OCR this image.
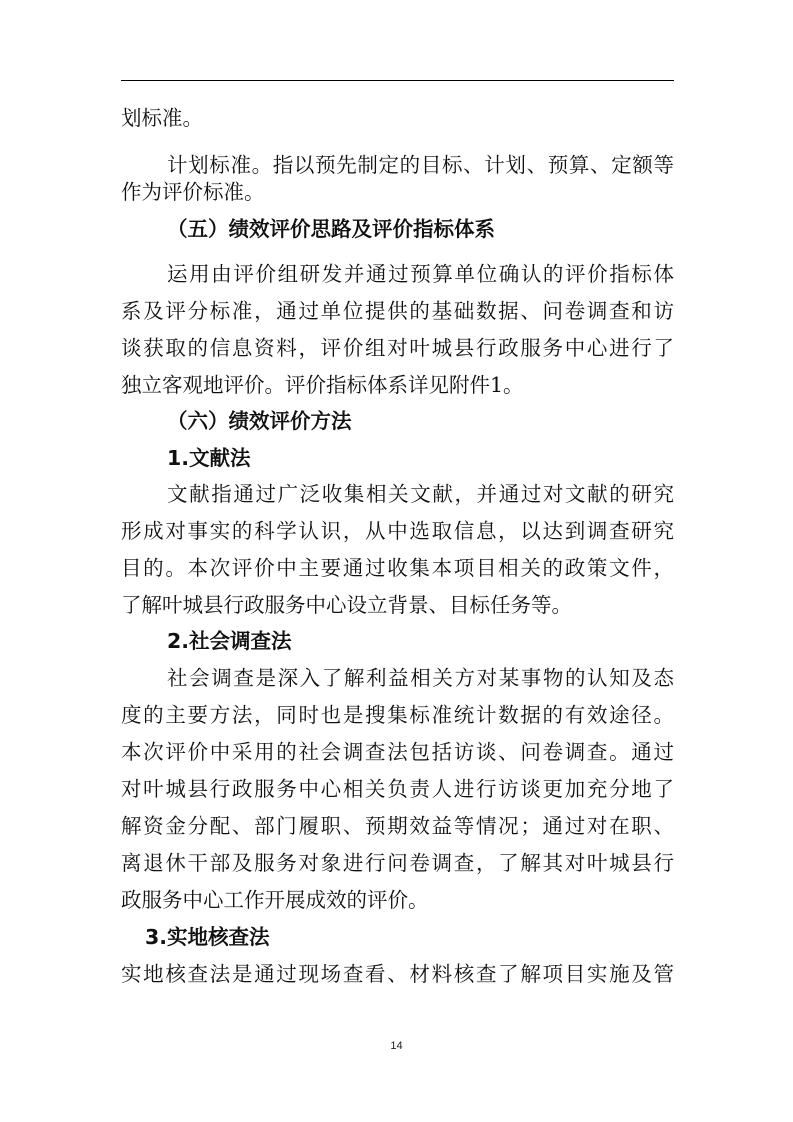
划标准。
计划标准。指以预先制定的目标、计划、预算、定额等
作为评价标准。
（五）绩效评价思路及评价指标体系
运用由评价组研发并通过预算单位确认的评价指标体
系及评分标准，通过单位提供的基础数据、问卷调查和访
谈获取的信息资料，评价组对叶城县行政服务中心进行了
独立客观地评价。评价指标体系详见附件1。
（六）绩效评价方法
1.文献法
文献指通过广泛收集相关文献，并通过对文献的研究
形成对事实的科学认识，从中选取信息，以达到调查研究
目的。本次评价中主要通过收集本项目相关的政策文件，
了解叶城县行政服务中心设立背景、目标任务等。
2.社会调查法
社会调查是深入了解利益相关方对某事物的认知及态
度的主要方法，同时也是搜集标准统计数据的有效途径。
本次评价中采用的社会调查法包括访谈、问卷调查。通过
对叶城县行政服务中心相关负责人进行访谈更加充分地了
解资金分配、部门履职、预期效益等情况；通过对在职、
离退休干部及服务对象进行问卷调查，了解其对叶城县行
政服务中心工作开展成效的评价。
3.实地核查法
实地核查法是通过现场查看、材料核查了解项目实施及管
14
